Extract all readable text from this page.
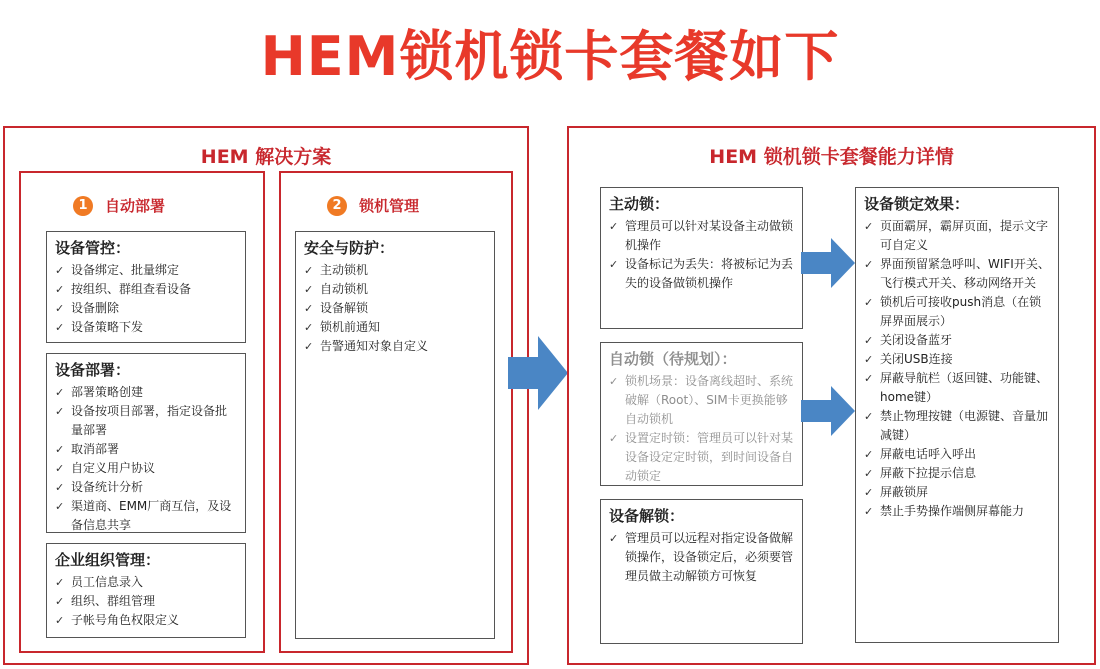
HEM锁机锁卡套餐如下
HEM 解决方案
1	自动部署
设备管控：
✓ 设备绑定、批量绑定
✓ 按组织、群组查看设备
✓ 设备删除
✓ 设备策略下发
设备部署：
✓ 部署策略创建
✓ 设备按项目部署，指定设备批量部署
✓ 取消部署
✓ 自定义用户协议
✓ 设备统计分析
✓ 渠道商、EMM厂商互信，及设备信息共享
企业组织管理：
✓ 员工信息录入
✓ 组织、群组管理
✓ 子帐号角色权限定义
2	锁机管理
安全与防护：
✓ 主动锁机
✓ 自动锁机
✓ 设备解锁
✓ 锁机前通知
✓ 告警通知对象自定义
HEM 锁机锁卡套餐能力详情
主动锁：
✓ 管理员可以针对某设备主动做锁机操作
✓ 设备标记为丢失：将被标记为丢失的设备做锁机操作
自动锁（待规划）：
✓ 锁机场景：设备离线超时、系统破解（Root）、SIM卡更换能够自动锁机
✓ 设置定时锁：管理员可以针对某设备设定定时锁，到时间设备自动锁定
设备解锁：
✓ 管理员可以远程对指定设备做解锁操作，设备锁定后，必须要管理员做主动解锁方可恢复
设备锁定效果：
✓ 页面霸屏，霸屏页面，提示文字可自定义
✓ 界面预留紧急呼叫、WIFI开关、飞行模式开关、移动网络开关
✓ 锁机后可接收push消息（在锁屏界面展示）
✓ 关闭设备蓝牙
✓ 关闭USB连接
✓ 屏蔽导航栏（返回键、功能键、home键）
✓ 禁止物理按键（电源键、音量加减键）
✓ 屏蔽电话呼入呼出
✓ 屏蔽下拉提示信息
✓ 屏蔽锁屏
✓ 禁止手势操作端侧屏幕能力
